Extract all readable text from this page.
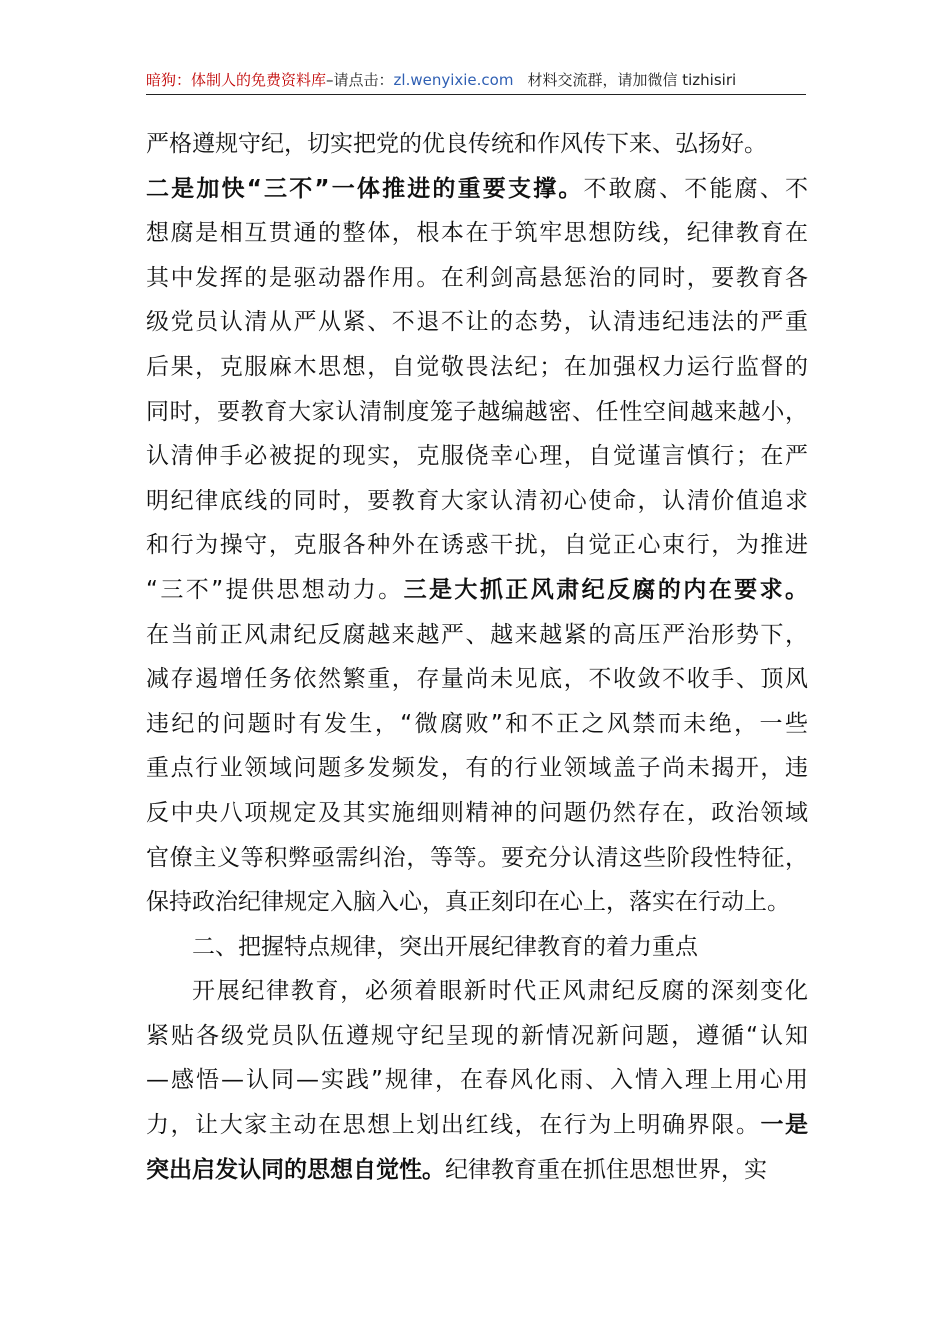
暗狗：体制人的免费资料库–请点击：zl.wenyixie.com 材料交流群，请加微信 tizhisiri
严格遵规守纪，切实把党的优良传统和作风传下来、弘扬好。
二是加快“三不”一体推进的重要支撑。不敢腐、不能腐、不
想腐是相互贯通的整体，根本在于筑牢思想防线，纪律教育在
其中发挥的是驱动器作用。在利剑高悬惩治的同时，要教育各
级党员认清从严从紧、不退不让的态势，认清违纪违法的严重
后果，克服麻木思想，自觉敬畏法纪；在加强权力运行监督的
同时，要教育大家认清制度笼子越编越密、任性空间越来越小，
认清伸手必被捉的现实，克服侥幸心理，自觉谨言慎行；在严
明纪律底线的同时，要教育大家认清初心使命，认清价值追求
和行为操守，克服各种外在诱惑干扰，自觉正心束行，为推进
“三不”提供思想动力。三是大抓正风肃纪反腐的内在要求。
在当前正风肃纪反腐越来越严、越来越紧的高压严治形势下，
减存遏增任务依然繁重，存量尚未见底，不收敛不收手、顶风
违纪的问题时有发生，“微腐败”和不正之风禁而未绝，一些
重点行业领域问题多发频发，有的行业领域盖子尚未揭开，违
反中央八项规定及其实施细则精神的问题仍然存在，政治领域
官僚主义等积弊亟需纠治，等等。要充分认清这些阶段性特征，
保持政治纪律规定入脑入心，真正刻印在心上，落实在行动上。
二、把握特点规律，突出开展纪律教育的着力重点
开展纪律教育，必须着眼新时代正风肃纪反腐的深刻变化
紧贴各级党员队伍遵规守纪呈现的新情况新问题，遵循“认知
—感悟—认同—实践”规律，在春风化雨、入情入理上用心用
力，让大家主动在思想上划出红线，在行为上明确界限。一是
突出启发认同的思想自觉性。纪律教育重在抓住思想世界，实
